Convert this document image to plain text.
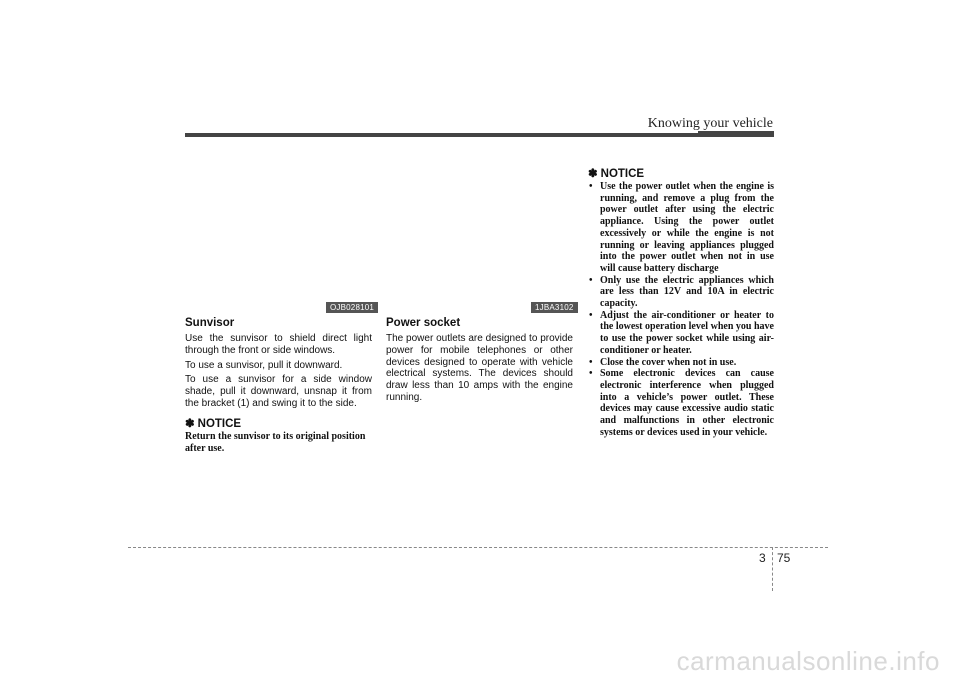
Knowing your vehicle
OJB028101
Sunvisor

Use the sunvisor to shield direct light through the front or side windows.

To use a sunvisor, pull it downward.

To use a sunvisor for a side window shade, pull it downward, unsnap it from the bracket (1) and swing it to the side.

✽ NOTICE
Return the sunvisor to its original position after use.
1JBA3102
Power socket
The power outlets are designed to provide power for mobile telephones or other devices designed to operate with vehicle electrical systems. The devices should draw less than 10 amps with the engine running.
✽ NOTICE
• Use the power outlet when the engine is running, and remove a plug from the power outlet after using the electric appliance. Using the power outlet excessively or while the engine is not running or leaving appliances plugged into the power outlet when not in use will cause battery discharge
• Only use the electric appliances which are less than 12V and 10A in electric capacity.
• Adjust the air-conditioner or heater to the lowest operation level when you have to use the power socket while using air-conditioner or heater.
• Close the cover when not in use.
• Some electronic devices can cause electronic interference when plugged into a vehicle’s power outlet. These devices may cause excessive audio static and malfunctions in other electronic systems or devices used in your vehicle.
3 75
carmanualsonline.info
